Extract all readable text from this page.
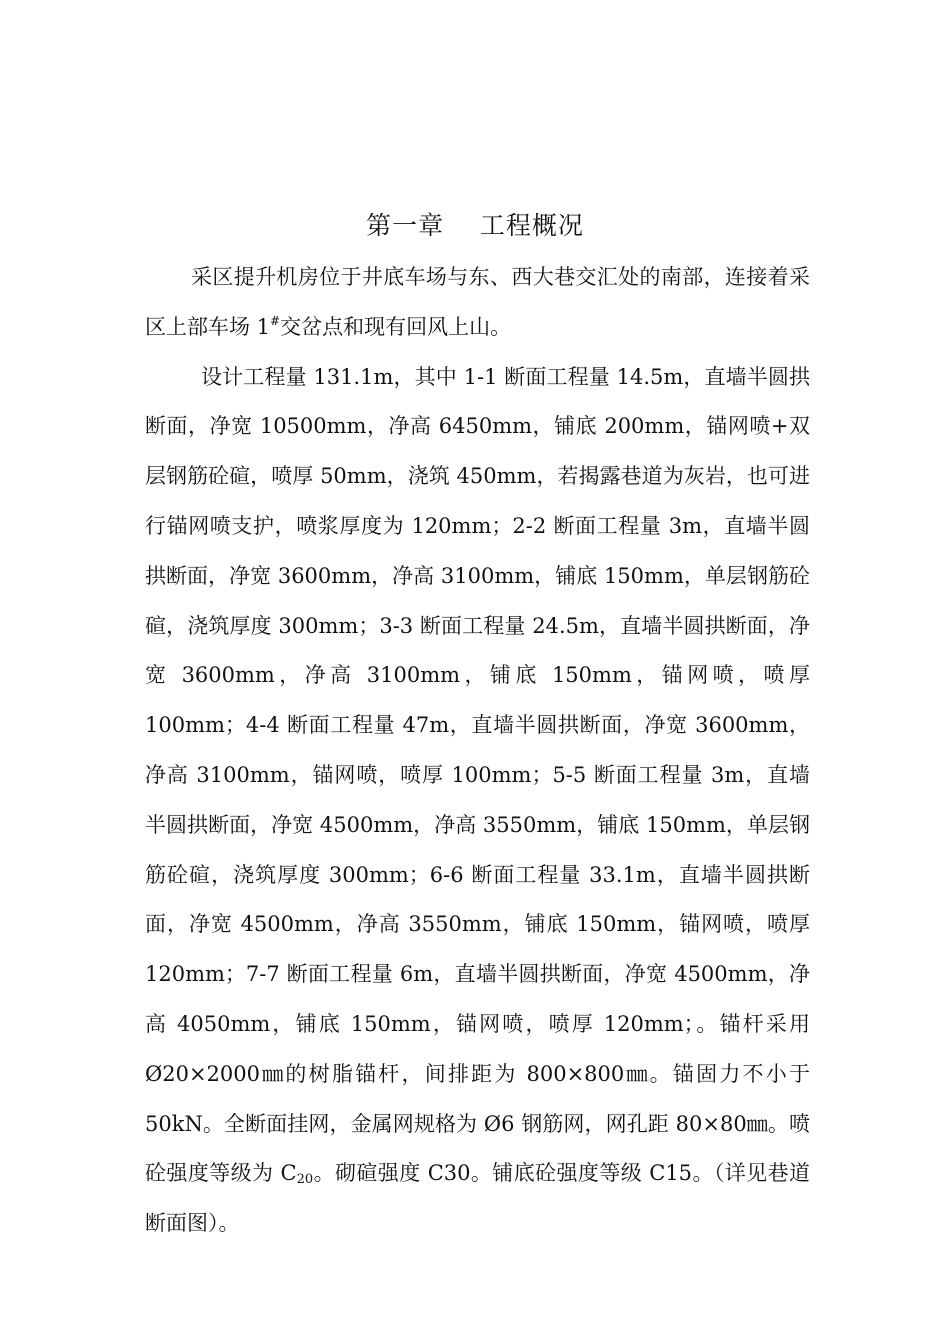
第一章    工程概况

采区提升机房位于井底车场与东、西大巷交汇处的南部，连接着采区上部车场 1#交岔点和现有回风上山。

设计工程量 131.1m，其中 1-1 断面工程量 14.5m，直墙半圆拱断面，净宽 10500mm，净高 6450mm，铺底 200mm，锚网喷+双层钢筋砼碹，喷厚 50mm，浇筑 450mm，若揭露巷道为灰岩，也可进行锚网喷支护，喷浆厚度为 120mm；2-2 断面工程量 3m，直墙半圆拱断面，净宽 3600mm，净高 3100mm，铺底 150mm，单层钢筋砼碹，浇筑厚度 300mm；3-3 断面工程量 24.5m，直墙半圆拱断面，净宽 3600mm，净高 3100mm，铺底 150mm，锚网喷，喷厚 100mm；4-4 断面工程量 47m，直墙半圆拱断面，净宽 3600mm，净高 3100mm，锚网喷，喷厚 100mm；5-5 断面工程量 3m，直墙半圆拱断面，净宽 4500mm，净高 3550mm，铺底 150mm，单层钢筋砼碹，浇筑厚度 300mm；6-6 断面工程量 33.1m，直墙半圆拱断面，净宽 4500mm，净高 3550mm，铺底 150mm，锚网喷，喷厚 120mm；7-7 断面工程量 6m，直墙半圆拱断面，净宽 4500mm，净高 4050mm，铺底 150mm，锚网喷，喷厚 120mm；。锚杆采用 Ø20×2000㎜的树脂锚杆，间排距为 800×800㎜。锚固力不小于 50kN。全断面挂网，金属网规格为 Ø6 钢筋网，网孔距 80×80㎜。喷砼强度等级为 $C_{20}$。砌碹强度 C30。铺底砼强度等级 C15。（详见巷道断面图）。
